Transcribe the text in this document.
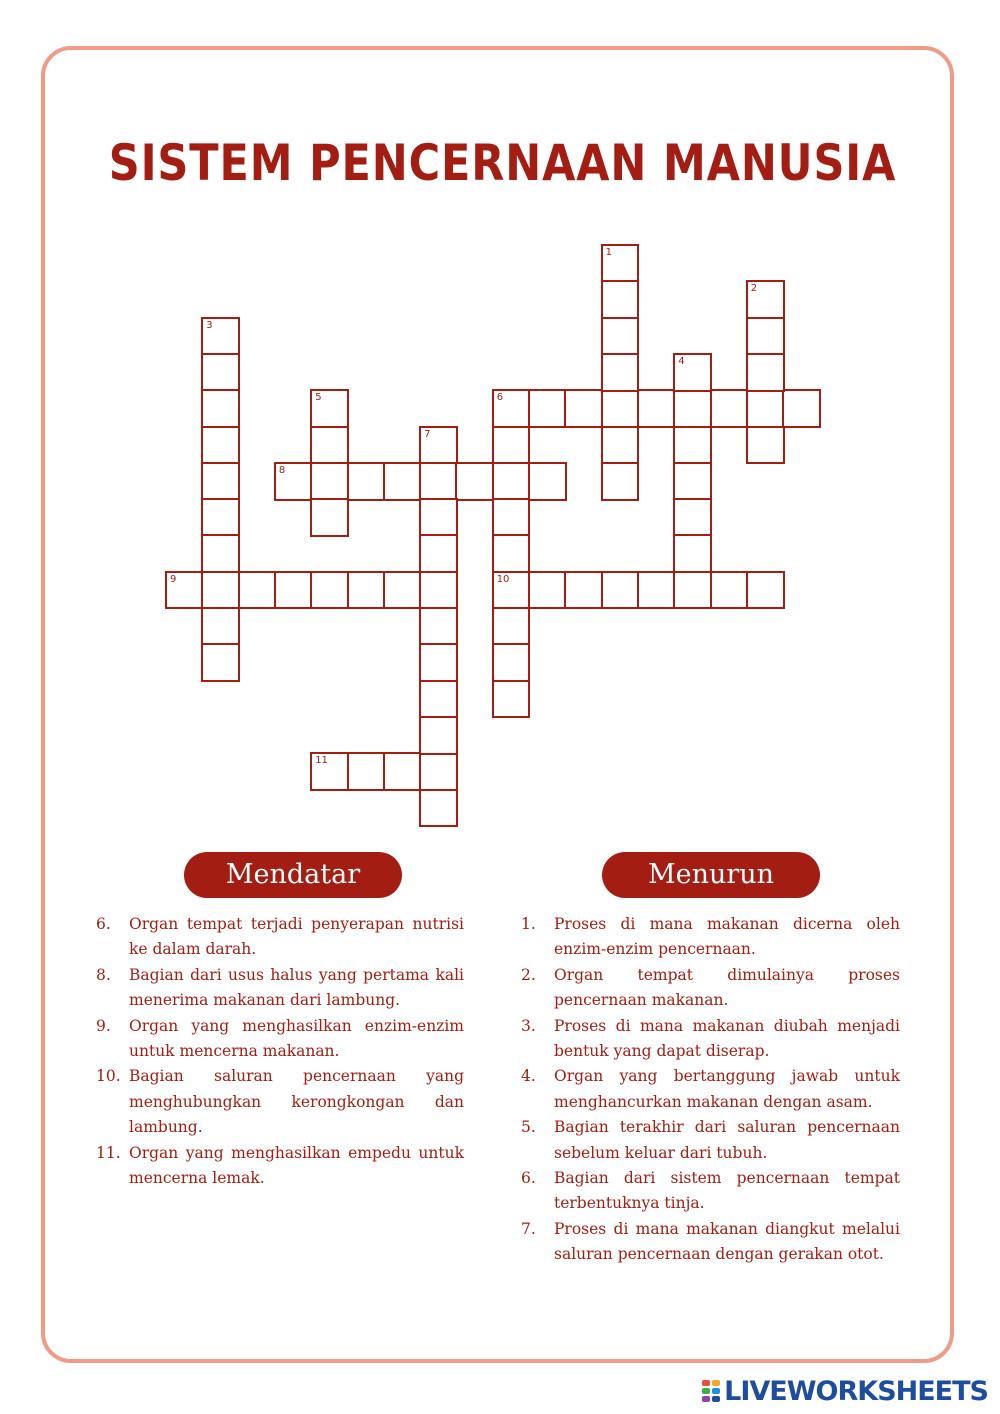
SISTEM PENCERNAAN MANUSIA
6
8
9	10
11
1
2
3
4
5
7
Mendatar	Menurun
6.	Organ tempat terjadi penyerapan nutrisi ke dalam darah.
8.	Bagian dari usus halus yang pertama kali menerima makanan dari lambung.
9.	Organ yang menghasilkan enzim-enzim untuk mencerna makanan.
10. Bagian saluran pencernaan yang menghubungkan kerongkongan dan lambung.
11. Organ yang menghasilkan empedu untuk mencerna lemak.
1.	Proses di mana makanan dicerna oleh enzim-enzim pencernaan.
2.	Organ tempat dimulainya proses pencernaan makanan.
3.	Proses di mana makanan diubah menjadi bentuk yang dapat diserap.
4.	Organ yang bertanggung jawab untuk menghancurkan makanan dengan asam.
5.	Bagian terakhir dari saluran pencernaan sebelum keluar dari tubuh.
6.	Bagian dari sistem pencernaan tempat terbentuknya tinja.
7.	Proses di mana makanan diangkut melalui saluran pencernaan dengan gerakan otot.
LIVEWORKSHEETS
